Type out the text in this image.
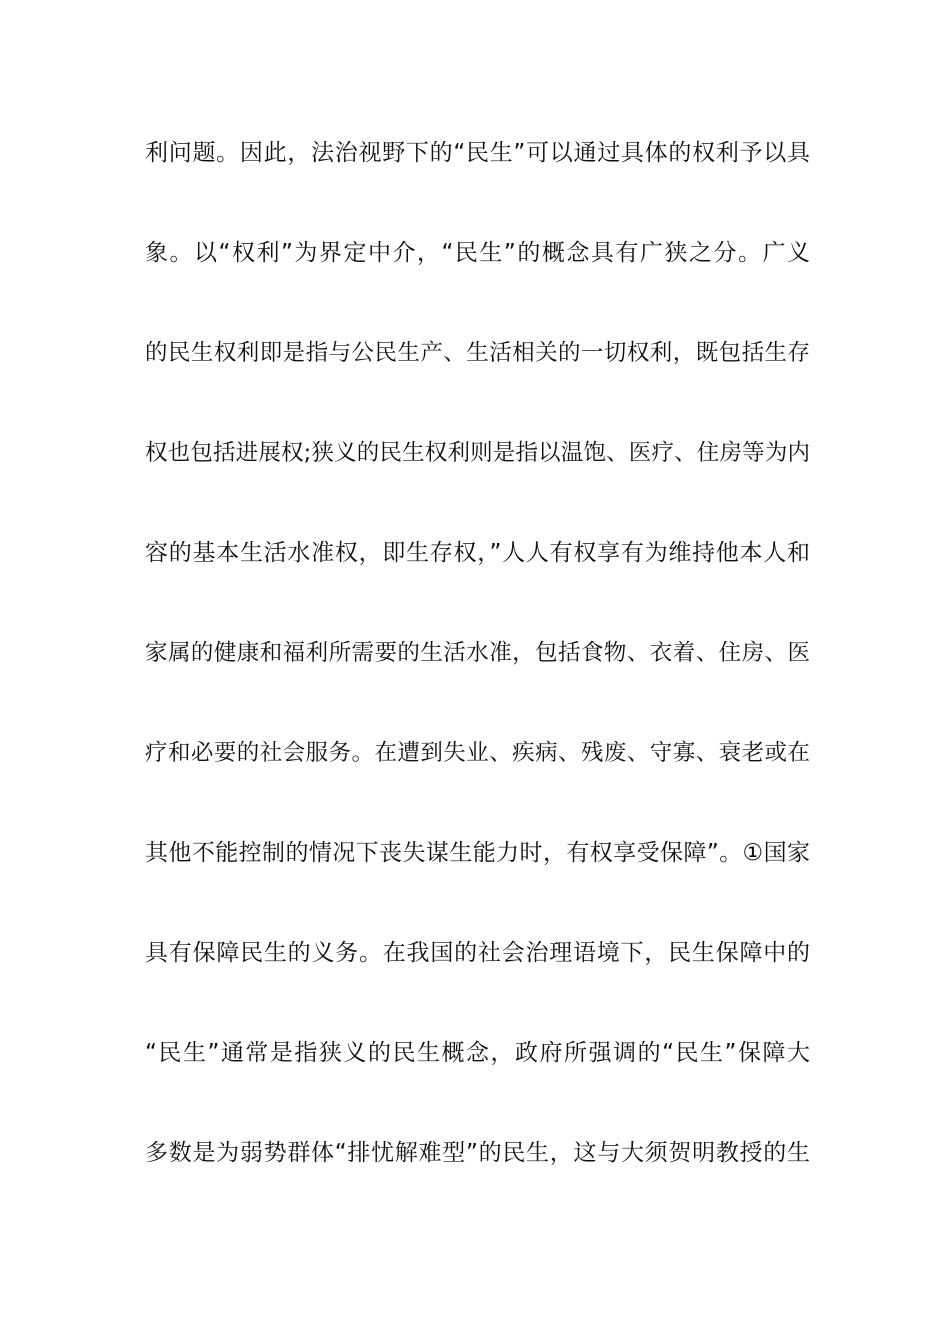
利问题。因此，法治视野下的“民生”可以通过具体的权利予以具
象。以“权利”为界定中介，“民生”的概念具有广狭之分。广义
的民生权利即是指与公民生产、生活相关的一切权利，既包括生存
权也包括进展权;狭义的民生权利则是指以温饱、医疗、住房等为内
容的基本生活水准权，即生存权，”人人有权享有为维持他本人和
家属的健康和福利所需要的生活水准，包括食物、衣着、住房、医
疗和必要的社会服务。在遭到失业、疾病、残废、守寡、衰老或在
其他不能控制的情况下丧失谋生能力时，有权享受保障”。①国家
具有保障民生的义务。在我国的社会治理语境下，民生保障中的
“民生”通常是指狭义的民生概念，政府所强调的“民生”保障大
多数是为弱势群体“排忧解难型”的民生，这与大须贺明教授的生
